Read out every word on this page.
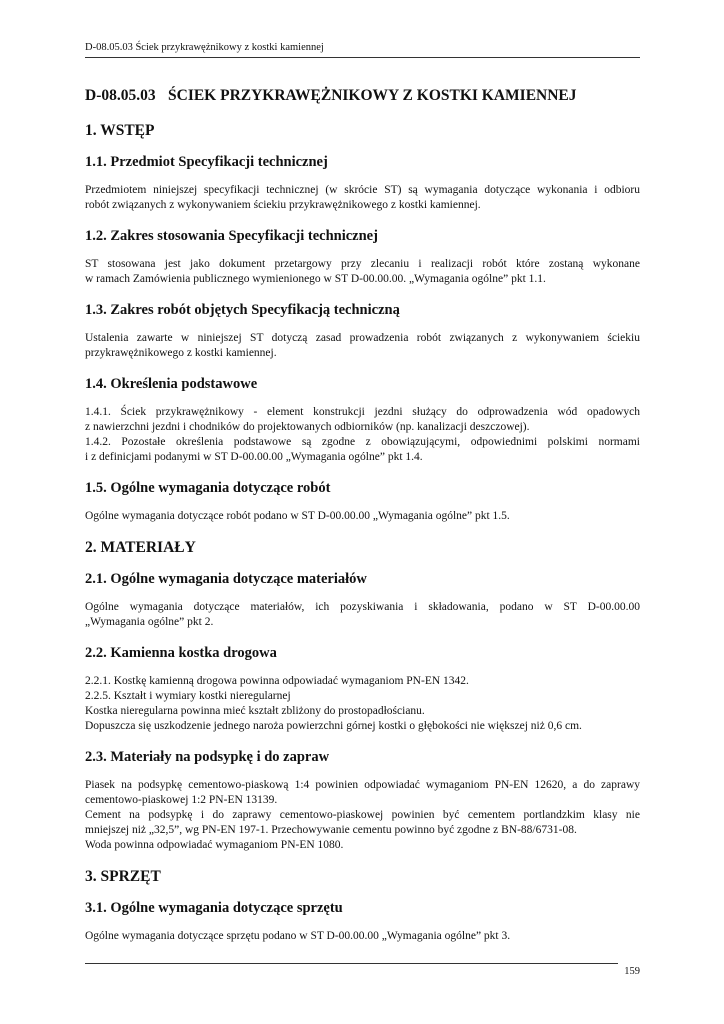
D-08.05.03 Ściek przykrawężnikowy z kostki kamiennej
D-08.05.03 ŚCIEK PRZYKRAWĘŻNIKOWY Z KOSTKI KAMIENNEJ
1. WSTĘP
1.1. Przedmiot Specyfikacji technicznej
Przedmiotem niniejszej specyfikacji technicznej (w skrócie ST) są wymagania dotyczące wykonania i odbioru
robót związanych z wykonywaniem ściekiu przykrawężnikowego z kostki kamiennej.
1.2. Zakres stosowania Specyfikacji technicznej
ST stosowana jest jako dokument przetargowy przy zlecaniu i realizacji robót które zostaną wykonane
w ramach Zamówienia publicznego wymienionego w ST D-00.00.00. „Wymagania ogólne” pkt 1.1.
1.3. Zakres robót objętych Specyfikacją techniczną
Ustalenia zawarte w niniejszej ST dotyczą zasad prowadzenia robót związanych z wykonywaniem ściekiu
przykrawężnikowego z kostki kamiennej.
1.4. Określenia podstawowe
1.4.1. Ściek przykrawężnikowy - element konstrukcji jezdni służący do odprowadzenia wód opadowych
z nawierzchni jezdni i chodników do projektowanych odbiorników (np. kanalizacji deszczowej).
1.4.2. Pozostałe określenia podstawowe są zgodne z obowiązującymi, odpowiednimi polskimi normami
i z definicjami podanymi w ST D-00.00.00 „Wymagania ogólne” pkt 1.4.
1.5. Ogólne wymagania dotyczące robót
Ogólne wymagania dotyczące robót podano w ST D-00.00.00 „Wymagania ogólne” pkt 1.5.
2. MATERIAŁY
2.1. Ogólne wymagania dotyczące materiałów
Ogólne wymagania dotyczące materiałów, ich pozyskiwania i składowania, podano w ST D-00.00.00
„Wymagania ogólne” pkt 2.
2.2. Kamienna kostka drogowa
2.2.1. Kostkę kamienną drogowa powinna odpowiadać wymaganiom PN-EN 1342.
2.2.5. Kształt i wymiary kostki nieregularnej
Kostka nieregularna powinna mieć kształt zbliżony do prostopadłościanu.
Dopuszcza się uszkodzenie jednego naroża powierzchni górnej kostki o głębokości nie większej niż 0,6 cm.
2.3. Materiały na podsypkę i do zapraw
Piasek na podsypkę cementowo-piaskową 1:4 powinien odpowiadać wymaganiom PN-EN 12620, a do zaprawy
cementowo-piaskowej 1:2 PN-EN 13139.
Cement na podsypkę i do zaprawy cementowo-piaskowej powinien być cementem portlandzkim klasy nie
mniejszej niż „32,5”, wg PN-EN 197-1. Przechowywanie cementu powinno być zgodne z BN-88/6731-08.
Woda powinna odpowiadać wymaganiom PN-EN 1080.
3. SPRZĘT
3.1. Ogólne wymagania dotyczące sprzętu
Ogólne wymagania dotyczące sprzętu podano w ST D-00.00.00 „Wymagania ogólne” pkt 3.
159
